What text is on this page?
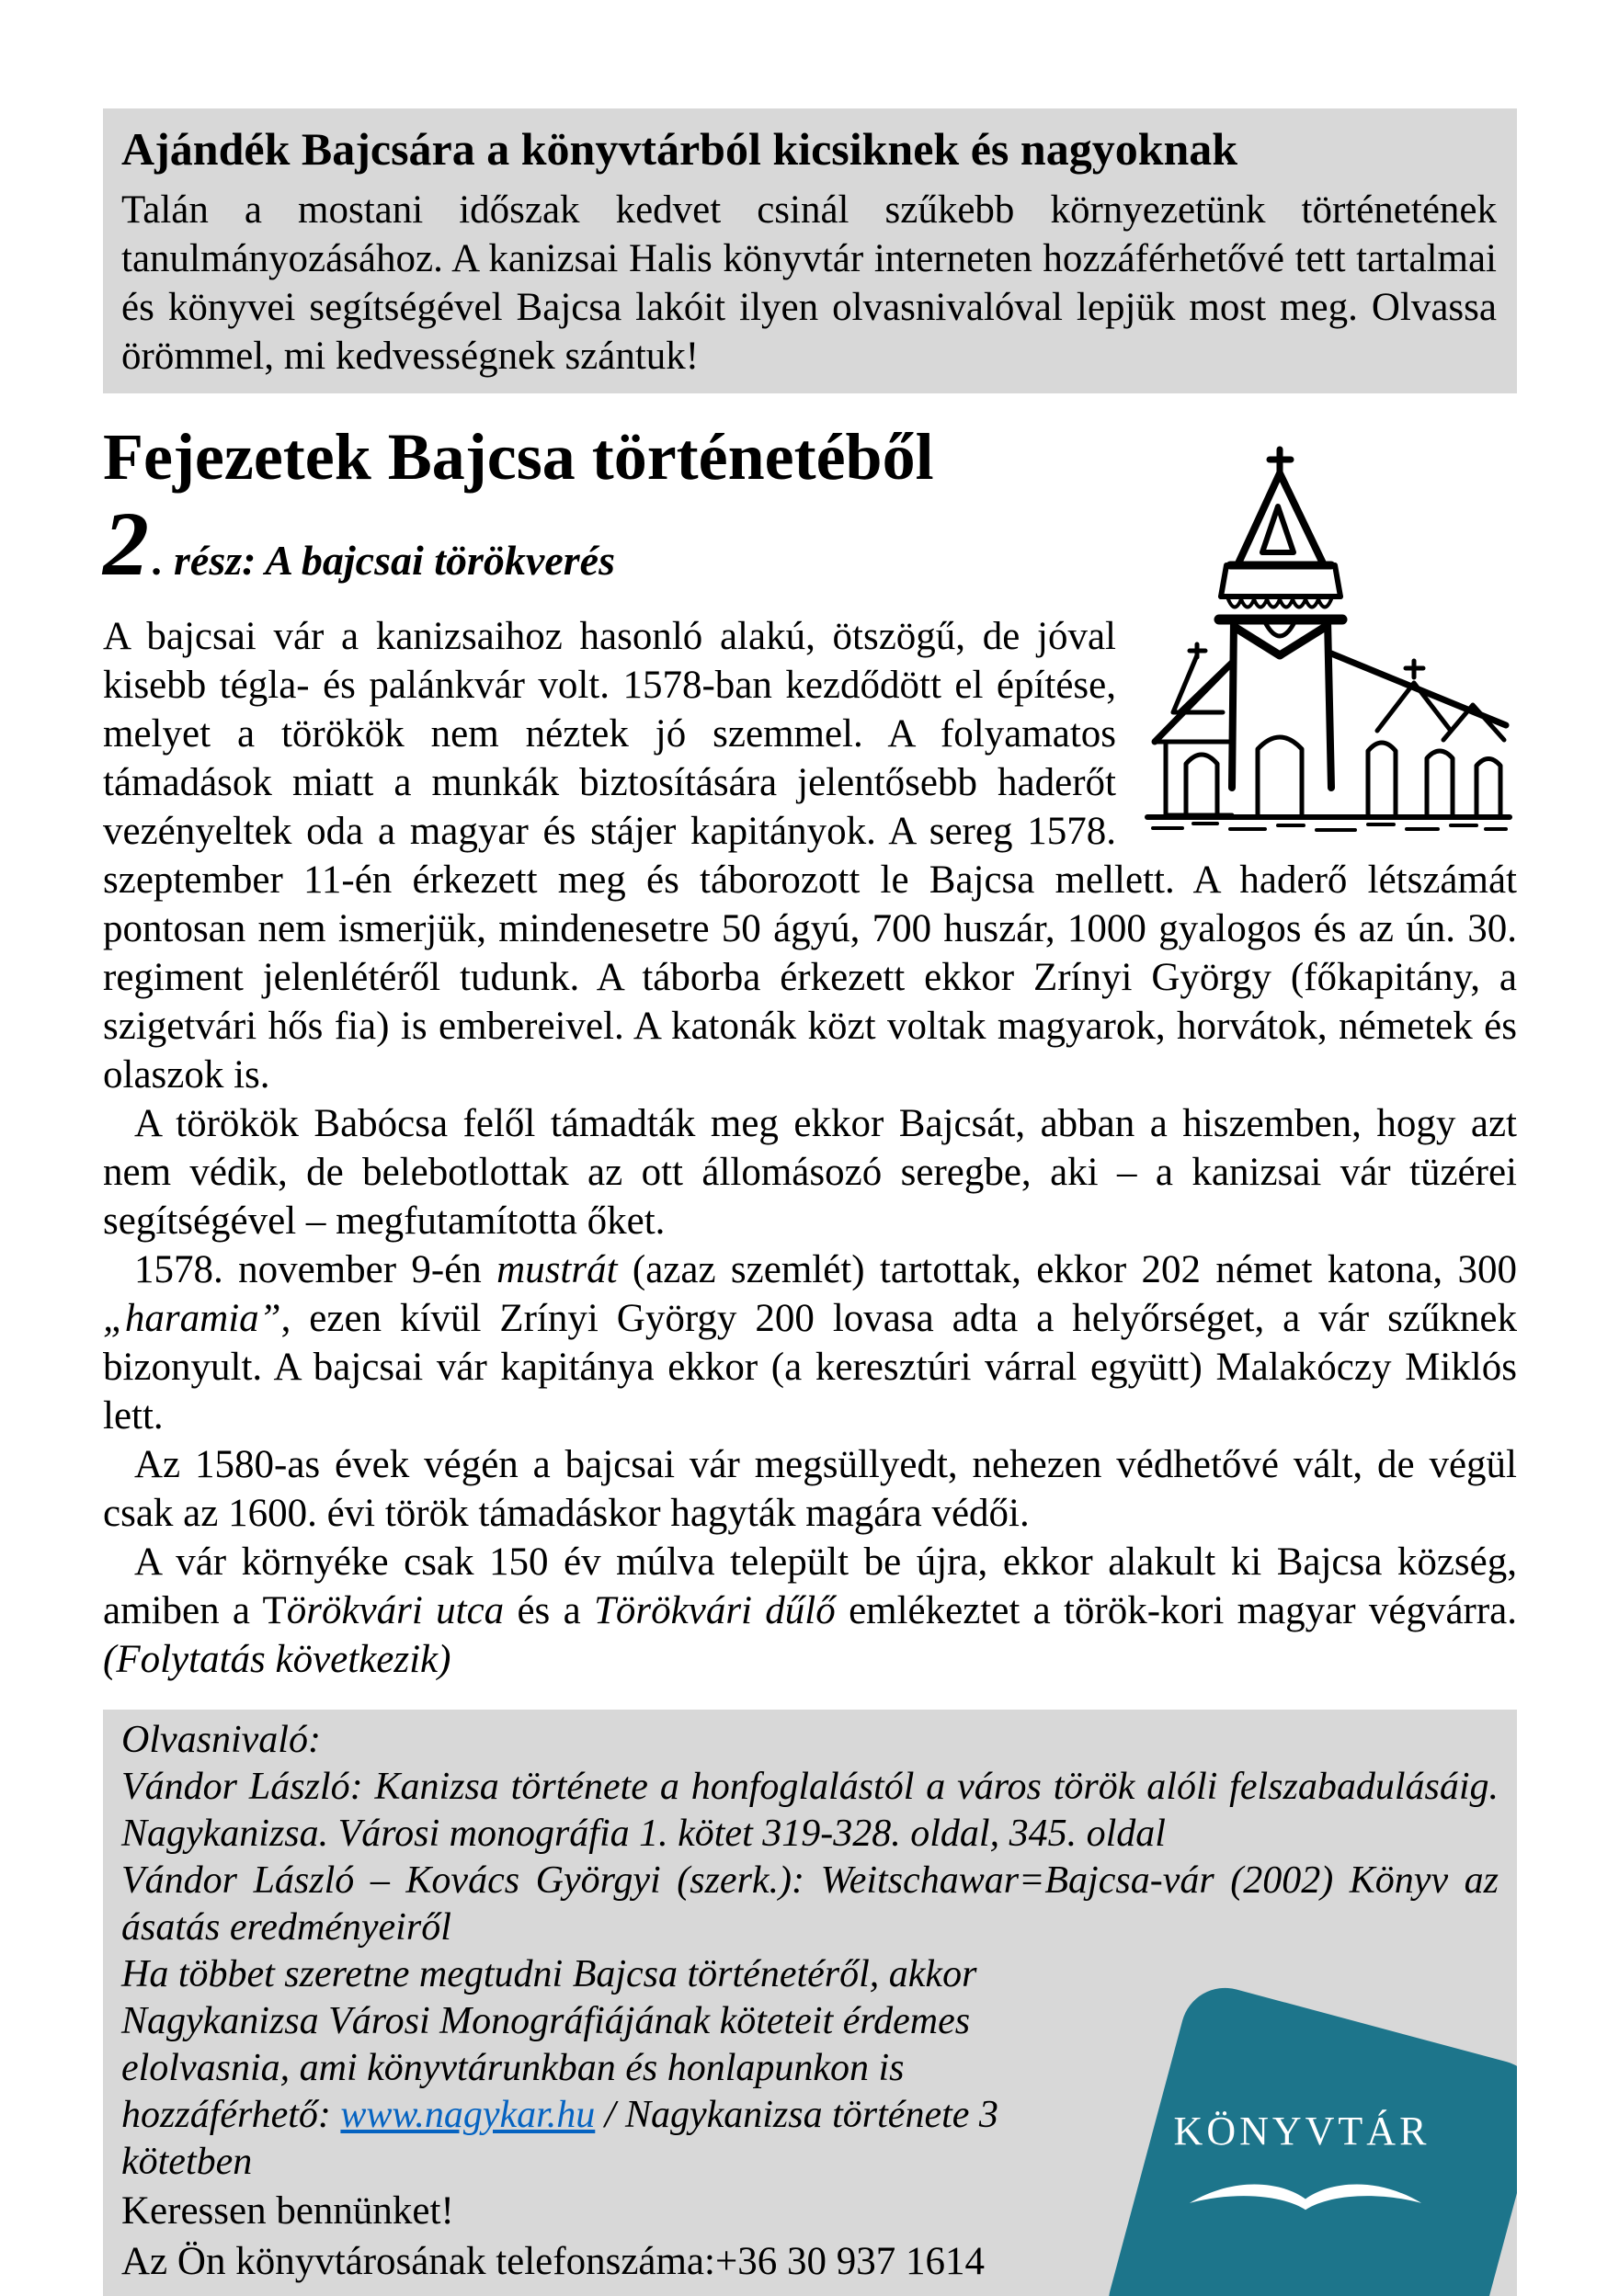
Ajándék Bajcsára a könyvtárból kicsiknek és nagyoknak

Talán a mostani időszak kedvet csinál szűkebb környezetünk történetének tanulmányozásához. A kanizsai Halis könyvtár interneten hozzáférhetővé tett tartalmai és könyvei segítségével Bajcsa lakóit ilyen olvasnivalóval lepjük most meg. Olvassa örömmel, mi kedvességnek szántuk!

Fejezetek Bajcsa történetéből
2. rész: A bajcsai törökverés

A bajcsai vár a kanizsaihoz hasonló alakú, ötszögű, de jóval kisebb tégla- és palánkvár volt. 1578-ban kezdődött el építése, melyet a törökök nem néztek jó szemmel. A folyamatos támadások miatt a munkák biztosítására jelentősebb haderőt vezényeltek oda a magyar és stájer kapitányok. A sereg 1578. szeptember 11-én érkezett meg és táborozott le Bajcsa mellett. A haderő létszámát pontosan nem ismerjük, mindenesetre 50 ágyú, 700 huszár, 1000 gyalogos és az ún. 30. regiment jelenlétéről tudunk. A táborba érkezett ekkor Zrínyi György (főkapitány, a szigetvári hős fia) is embereivel. A katonák közt voltak magyarok, horvátok, németek és olaszok is.

A törökök Babócsa felől támadták meg ekkor Bajcsát, abban a hiszemben, hogy azt nem védik, de belebotlottak az ott állomásozó seregbe, aki – a kanizsai vár tüzérei segítségével – megfutamította őket.

1578. november 9-én mustrát (azaz szemlét) tartottak, ekkor 202 német katona, 300 „haramia”, ezen kívül Zrínyi György 200 lovasa adta a helyőrséget, a vár szűknek bizonyult. A bajcsai vár kapitánya ekkor (a keresztúri várral együtt) Malakóczy Miklós lett.

Az 1580-as évek végén a bajcsai vár megsüllyedt, nehezen védhetővé vált, de végül csak az 1600. évi török támadáskor hagyták magára védői.

A vár környéke csak 150 év múlva települt be újra, ekkor alakult ki Bajcsa község, amiben a Törökvári utca és a Törökvári dűlő emlékeztet a török-kori magyar végvárra. (Folytatás következik)

Olvasnivaló:

Vándor László: Kanizsa története a honfoglalástól a város török alóli felszabadulásáig. Nagykanizsa. Városi monográfia 1. kötet 319-328. oldal, 345. oldal

Vándor László – Kovács Györgyi (szerk.): Weitschawar=Bajcsa-vár (2002) Könyv az ásatás eredményeiről

KÖNYVTÁR

Ha többet szeretne megtudni Bajcsa történetéről, akkor Nagykanizsa Városi Monográfiájának köteteit érdemes elolvasnia, ami könyvtárunkban és honlapunkon is hozzáférhető: www.nagykar.hu / Nagykanizsa története 3 kötetben

Keressen bennünket!

Az Ön könyvtárosának telefonszáma:+36 30 937 1614
